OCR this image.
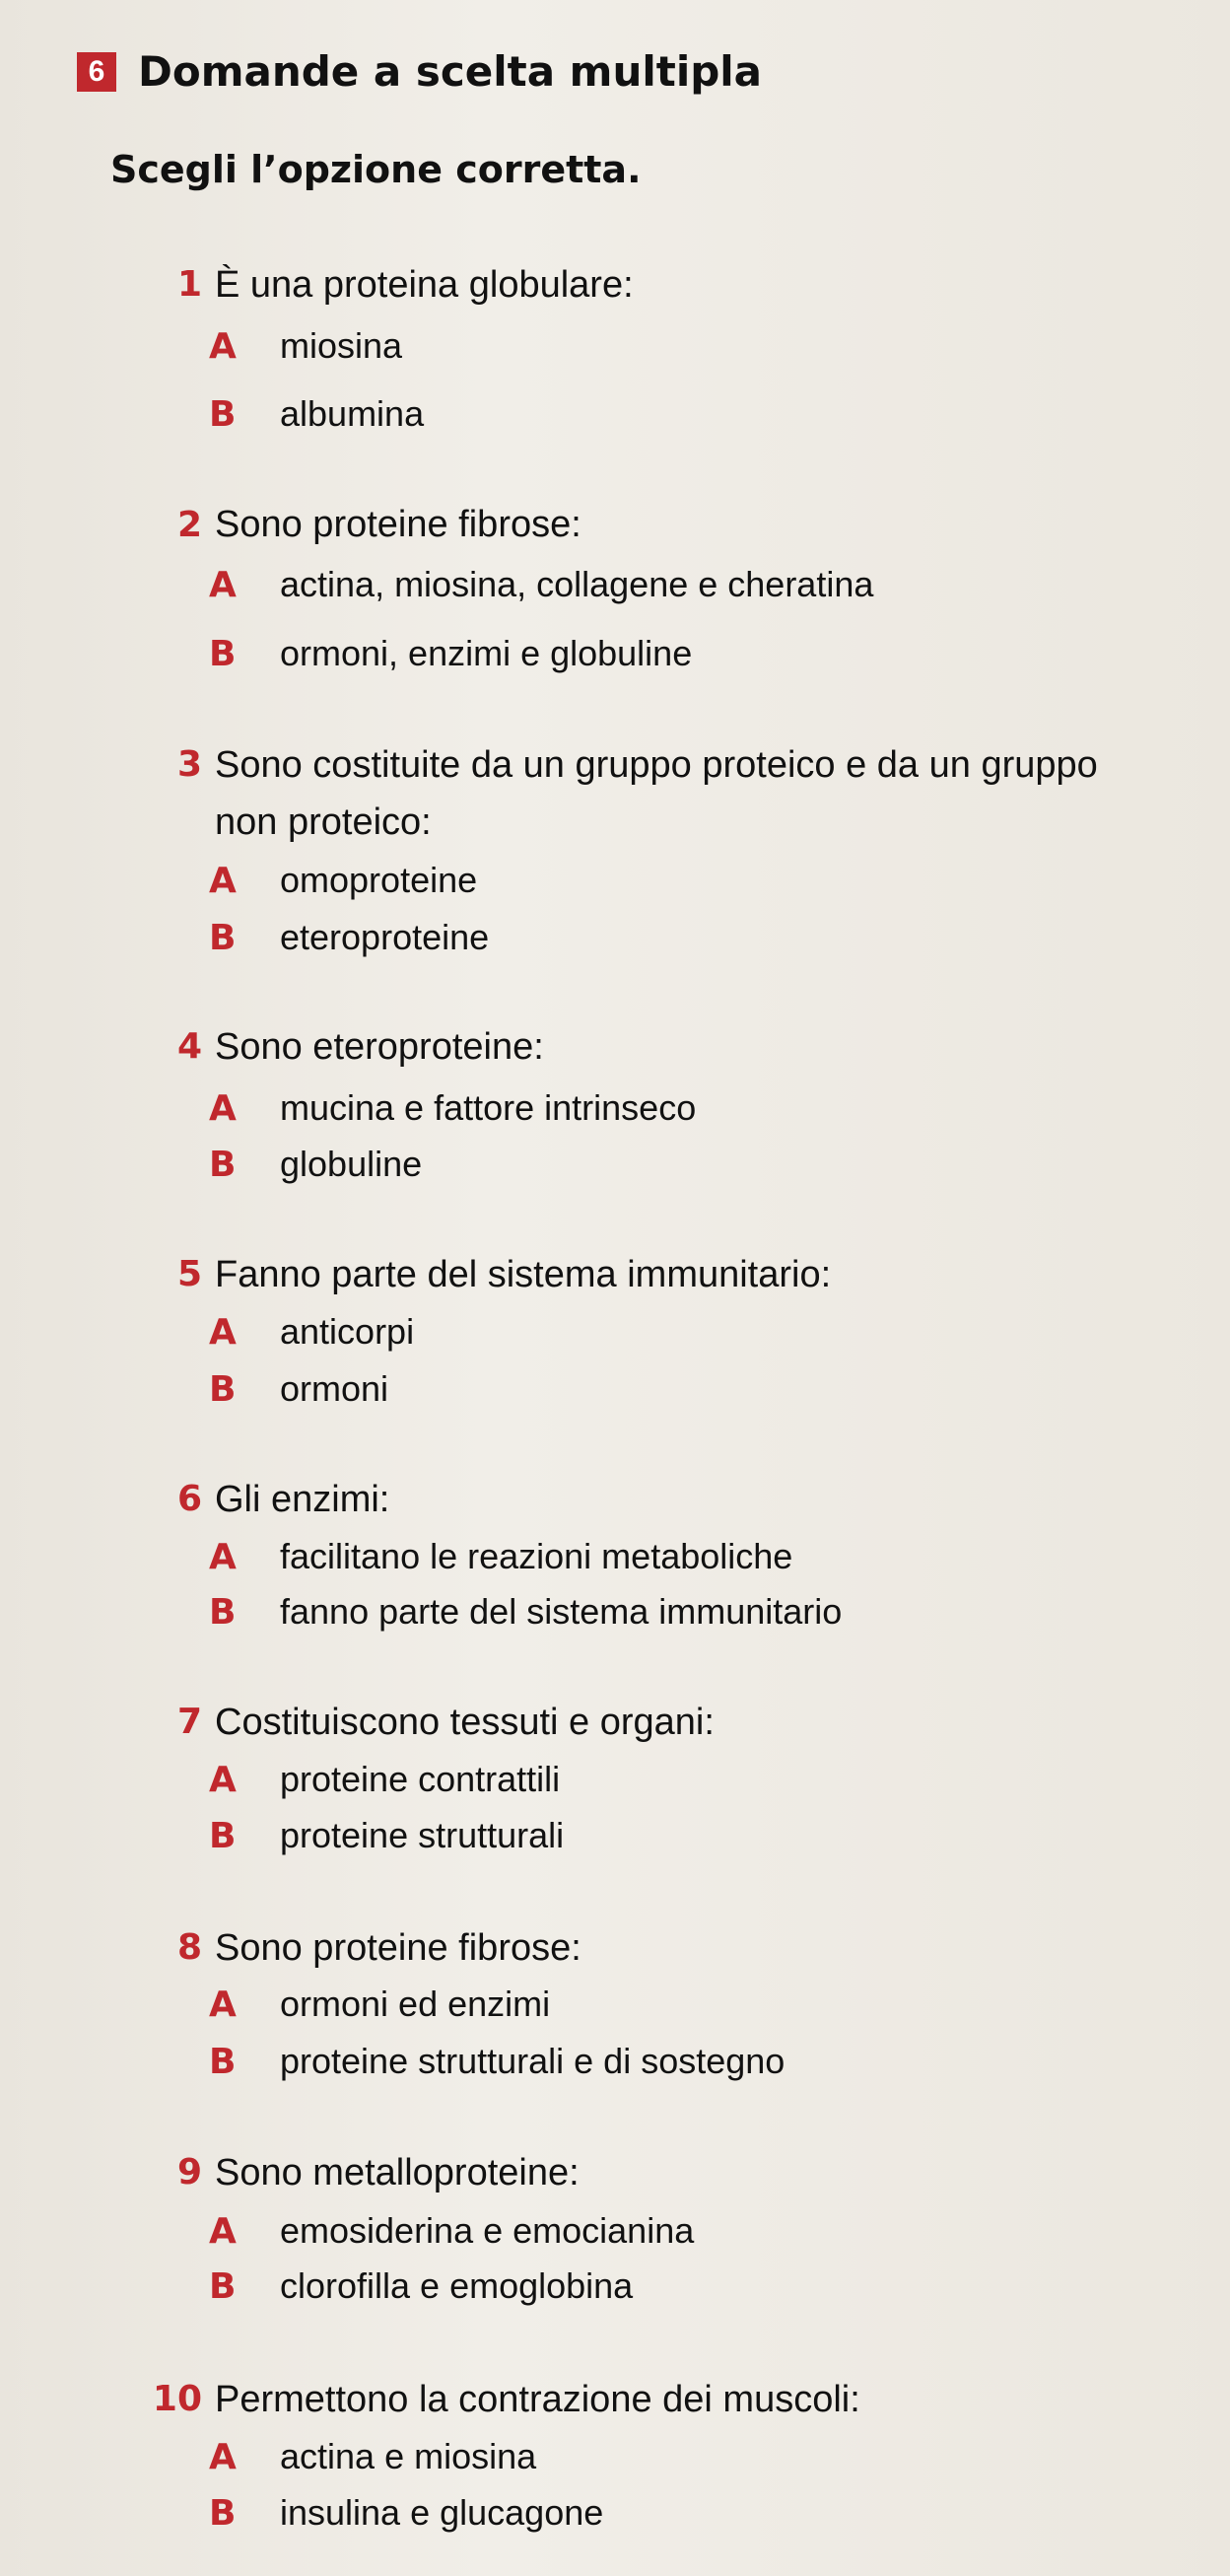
6 Domande a scelta multipla
Scegli l’opzione corretta.
1 È una proteina globulare:
A	miosina
B	albumina
2 Sono proteine fibrose:
A	actina, miosina, collagene e cheratina
B	ormoni, enzimi e globuline
3 Sono costituite da un gruppo proteico e da un gruppo non proteico:
A	omoproteine
B	eteroproteine
4 Sono eteroproteine:
A	mucina e fattore intrinseco
B	globuline
5 Fanno parte del sistema immunitario:
A	anticorpi
B	ormoni
6 Gli enzimi:
A	facilitano le reazioni metaboliche
B	fanno parte del sistema immunitario
7 Costituiscono tessuti e organi:
A	proteine contrattili
B	proteine strutturali
8 Sono proteine fibrose:
A	ormoni ed enzimi
B	proteine strutturali e di sostegno
9 Sono metalloproteine:
A	emosiderina e emocianina
B	clorofilla e emoglobina
10 Permettono la contrazione dei muscoli:
A	actina e miosina
B	insulina e glucagone
